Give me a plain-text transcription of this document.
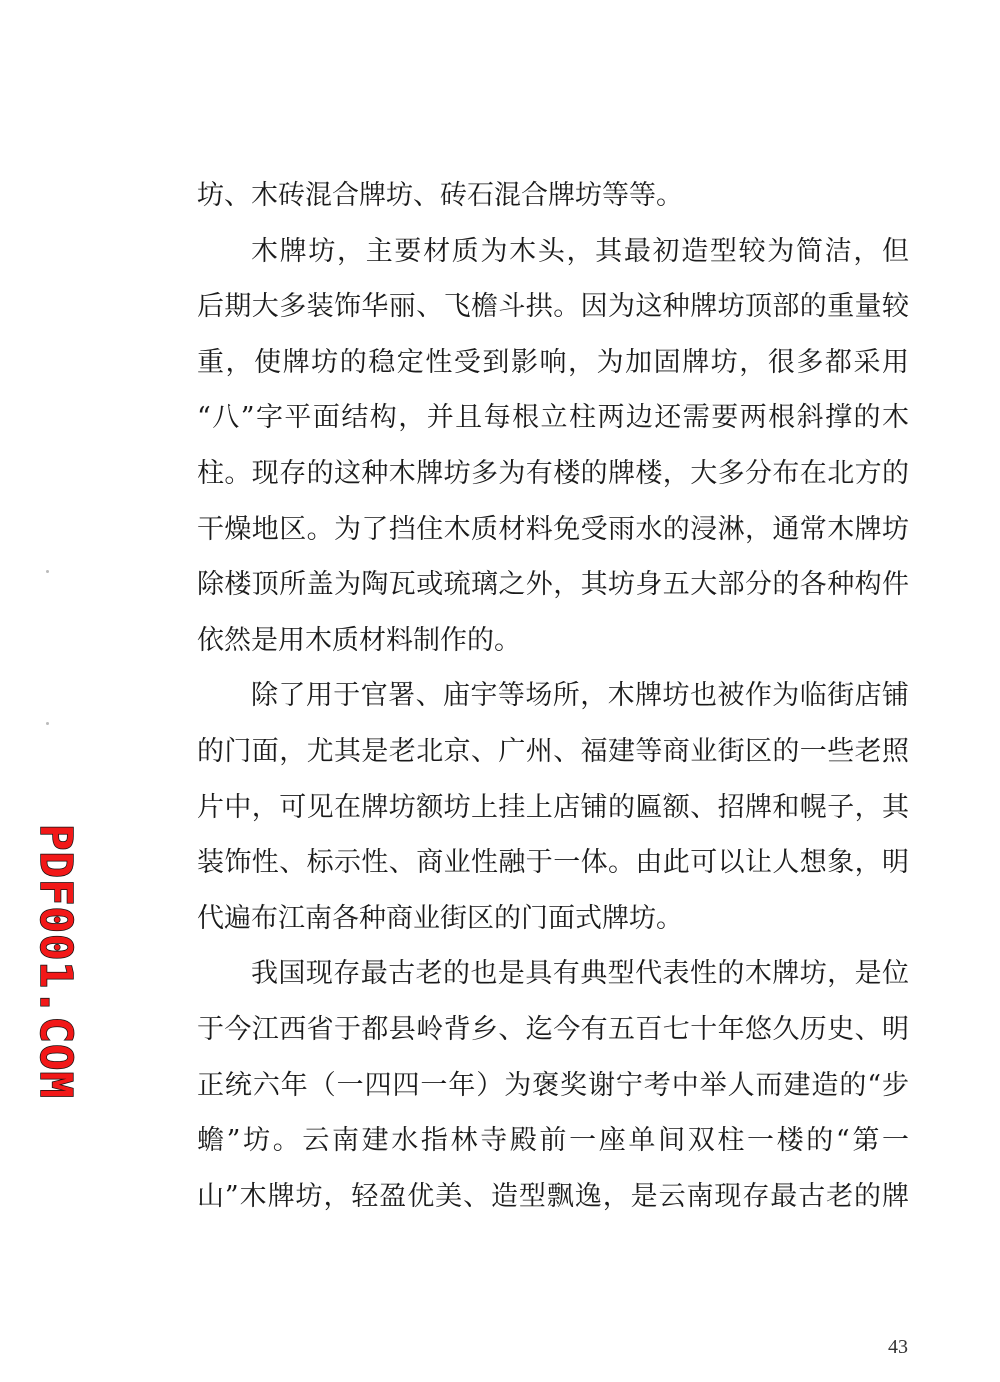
坊、木砖混合牌坊、砖石混合牌坊等等。
木牌坊，主要材质为木头，其最初造型较为简洁，但
后期大多装饰华丽、飞檐斗拱。因为这种牌坊顶部的重量较
重，使牌坊的稳定性受到影响，为加固牌坊，很多都采用
“八”字平面结构，并且每根立柱两边还需要两根斜撑的木
柱。现存的这种木牌坊多为有楼的牌楼，大多分布在北方的
干燥地区。为了挡住木质材料免受雨水的浸淋，通常木牌坊
除楼顶所盖为陶瓦或琉璃之外，其坊身五大部分的各种构件
依然是用木质材料制作的。
除了用于官署、庙宇等场所，木牌坊也被作为临街店铺
的门面，尤其是老北京、广州、福建等商业街区的一些老照
片中，可见在牌坊额坊上挂上店铺的匾额、招牌和幌子，其
装饰性、标示性、商业性融于一体。由此可以让人想象，明
代遍布江南各种商业街区的门面式牌坊。
我国现存最古老的也是具有典型代表性的木牌坊，是位
于今江西省于都县岭背乡、迄今有五百七十年悠久历史、明
正统六年（一四四一年）为褒奖谢宁考中举人而建造的“步
蟾”坊。云南建水指林寺殿前一座单间双柱一楼的“第一
山”木牌坊，轻盈优美、造型飘逸，是云南现存最古老的牌
PDF001.COM
43
